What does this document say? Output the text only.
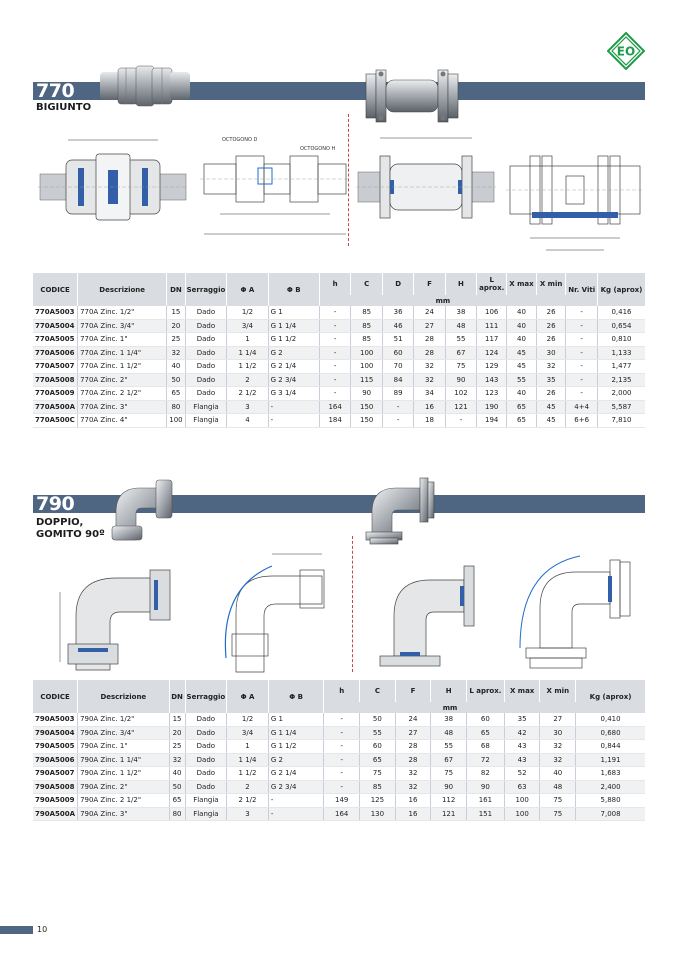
EO
770
BIGIUNTO
OCTOGONO D
OCTOGONO H
CODICE	Descrizione	DN	Serraggio	Φ A	Φ B	h	C	D	F	H	L aprox.	X max	X min	Nr. Viti	Kg (aprox)
						mm									
770A5003	770A Zinc. 1/2"	15	Dado	1/2	G 1	-	85	36	24	38	106	40	26	-	0,416
770A5004	770A Zinc. 3/4"	20	Dado	3/4	G 1 1/4	-	85	46	27	48	111	40	26	-	0,654
770A5005	770A Zinc. 1"	25	Dado	1	G 1 1/2	-	85	51	28	55	117	40	26	-	0,810
770A5006	770A Zinc. 1 1/4"	32	Dado	1 1/4	G 2	-	100	60	28	67	124	45	30	-	1,133
770A5007	770A Zinc. 1 1/2"	40	Dado	1 1/2	G 2 1/4	-	100	70	32	75	129	45	32	-	1,477
770A5008	770A Zinc. 2"	50	Dado	2	G 2 3/4	-	115	84	32	90	143	55	35	-	2,135
770A5009	770A Zinc. 2 1/2"	65	Dado	2 1/2	G 3 1/4	-	90	89	34	102	123	40	26	-	2,000
770A500A	770A Zinc. 3"	80	Flangia	3	-	164	150	-	16	121	190	65	45	4+4	5,587
770A500C	770A Zinc. 4"	100	Flangia	4	-	184	150	-	18	-	194	65	45	6+6	7,810
790
DOPPIO,
GOMITO 90º
CODICE	Descrizione	DN	Serraggio	Φ A	Φ B	h	C	F	H	L aprox.	X max	X min	Kg (aprox)
						mm							
790A5003	790A Zinc. 1/2"	15	Dado	1/2	G 1	-	50	24	38	60	35	27	0,410
790A5004	790A Zinc. 3/4"	20	Dado	3/4	G 1 1/4	-	55	27	48	65	42	30	0,680
790A5005	790A Zinc. 1"	25	Dado	1	G 1 1/2	-	60	28	55	68	43	32	0,844
790A5006	790A Zinc. 1 1/4"	32	Dado	1 1/4	G 2	-	65	28	67	72	43	32	1,191
790A5007	790A Zinc. 1 1/2"	40	Dado	1 1/2	G 2 1/4	-	75	32	75	82	52	40	1,683
790A5008	790A Zinc. 2"	50	Dado	2	G 2 3/4	-	85	32	90	90	63	48	2,400
790A5009	790A Zinc. 2 1/2"	65	Flangia	2 1/2	-	149	125	16	112	161	100	75	5,880
790A500A	790A Zinc. 3"	80	Flangia	3	-	164	130	16	121	151	100	75	7,008
10
